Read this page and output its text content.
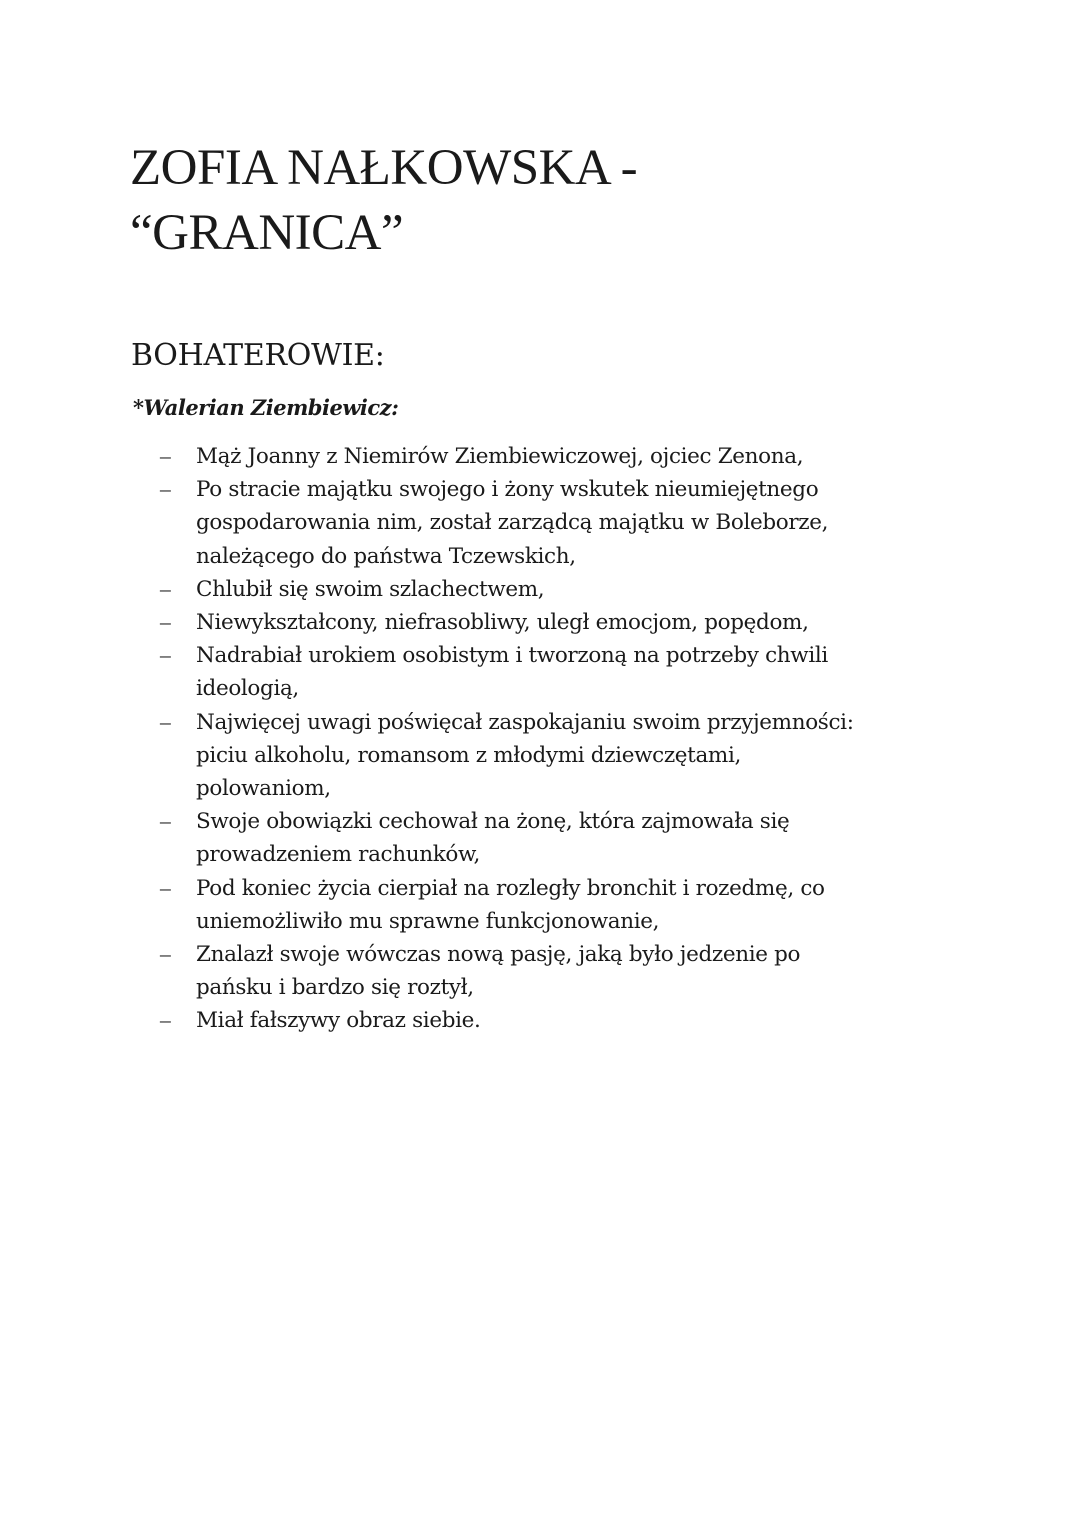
ZOFIA NAŁKOWSKA -
“GRANICA”
BOHATEROWIE:

*Walerian Ziembiewicz:

–	Mąż Joanny z Niemirów Ziembiewiczowej, ojciec Zenona,
–	Po stracie majątku swojego i żony wskutek nieumiejętnego
gospodarowania nim, został zarządcą majątku w Boleborze,
należącego do państwa Tczewskich,
–	Chlubił się swoim szlachectwem,
–	Niewykształcony, niefrasobliwy, uległ emocjom, popędom,
–	Nadrabiał urokiem osobistym i tworzoną na potrzeby chwili
ideologią,
–	Najwięcej uwagi poświęcał zaspokajaniu swoim przyjemności:
piciu alkoholu, romansom z młodymi dziewczętami,
polowaniom,
–	Swoje obowiązki cechował na żonę, która zajmowała się
prowadzeniem rachunków,
–	Pod koniec życia cierpiał na rozległy bronchit i rozedmę, co
uniemożliwiło mu sprawne funkcjonowanie,
–	Znalazł swoje wówczas nową pasję, jaką było jedzenie po
pańsku i bardzo się roztył,
–	Miał fałszywy obraz siebie.
